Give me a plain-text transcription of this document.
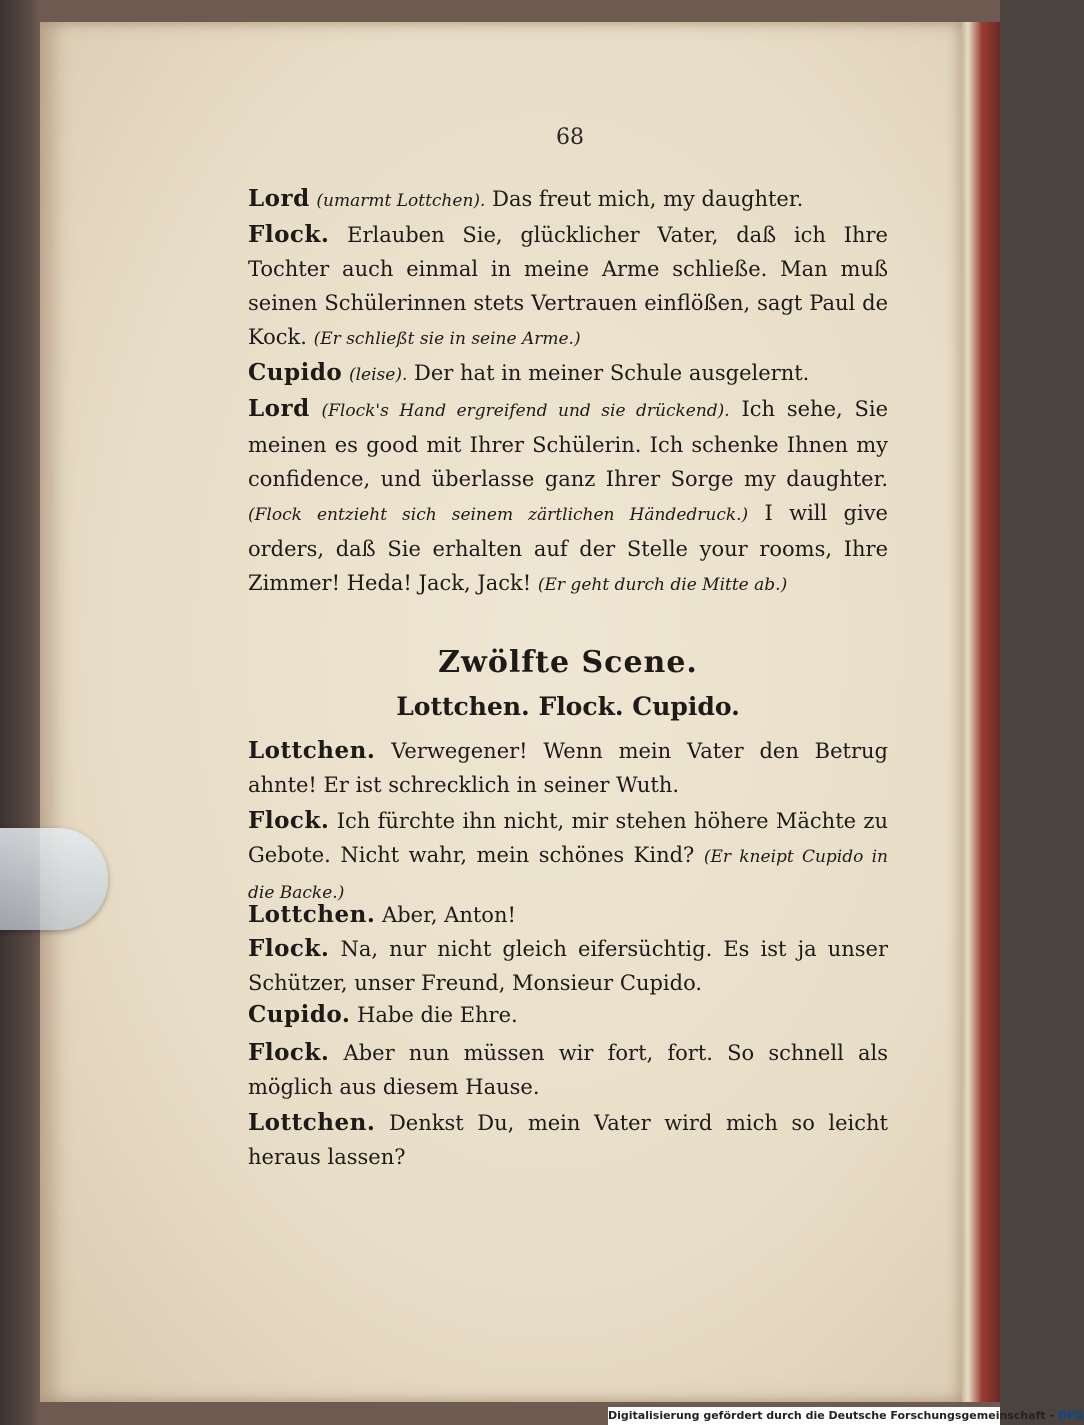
68
Lord (umarmt Lottchen). Das freut mich, my daughter.
Flock. Erlauben Sie, glücklicher Vater, daß ich Ihre Tochter auch einmal in meine Arme schließe. Man muß seinen Schülerinnen stets Vertrauen einflößen, sagt Paul de Kock. (Er schließt sie in seine Arme.)
Cupido (leise). Der hat in meiner Schule ausgelernt.
Lord (Flock's Hand ergreifend und sie drückend). Ich sehe, Sie meinen es good mit Ihrer Schülerin. Ich schenke Ihnen my confidence, und überlasse ganz Ihrer Sorge my daughter. (Flock entzieht sich seinem zärtlichen Händedruck.) I will give orders, daß Sie erhalten auf der Stelle your rooms, Ihre Zimmer! Heda! Jack, Jack! (Er geht durch die Mitte ab.)
Zwölfte Scene.
Lottchen. Flock. Cupido.
Lottchen. Verwegener! Wenn mein Vater den Betrug ahnte! Er ist schrecklich in seiner Wuth.
Flock. Ich fürchte ihn nicht, mir stehen höhere Mächte zu Gebote. Nicht wahr, mein schönes Kind? (Er kneipt Cupido in die Backe.)
Lottchen. Aber, Anton!
Flock. Na, nur nicht gleich eifersüchtig. Es ist ja unser Schützer, unser Freund, Monsieur Cupido.
Cupido. Habe die Ehre.
Flock. Aber nun müssen wir fort, fort. So schnell als möglich aus diesem Hause.
Lottchen. Denkst Du, mein Vater wird mich so leicht heraus lassen?
Digitalisierung gefördert durch die Deutsche Forschungsgemeinschaft - DFG
